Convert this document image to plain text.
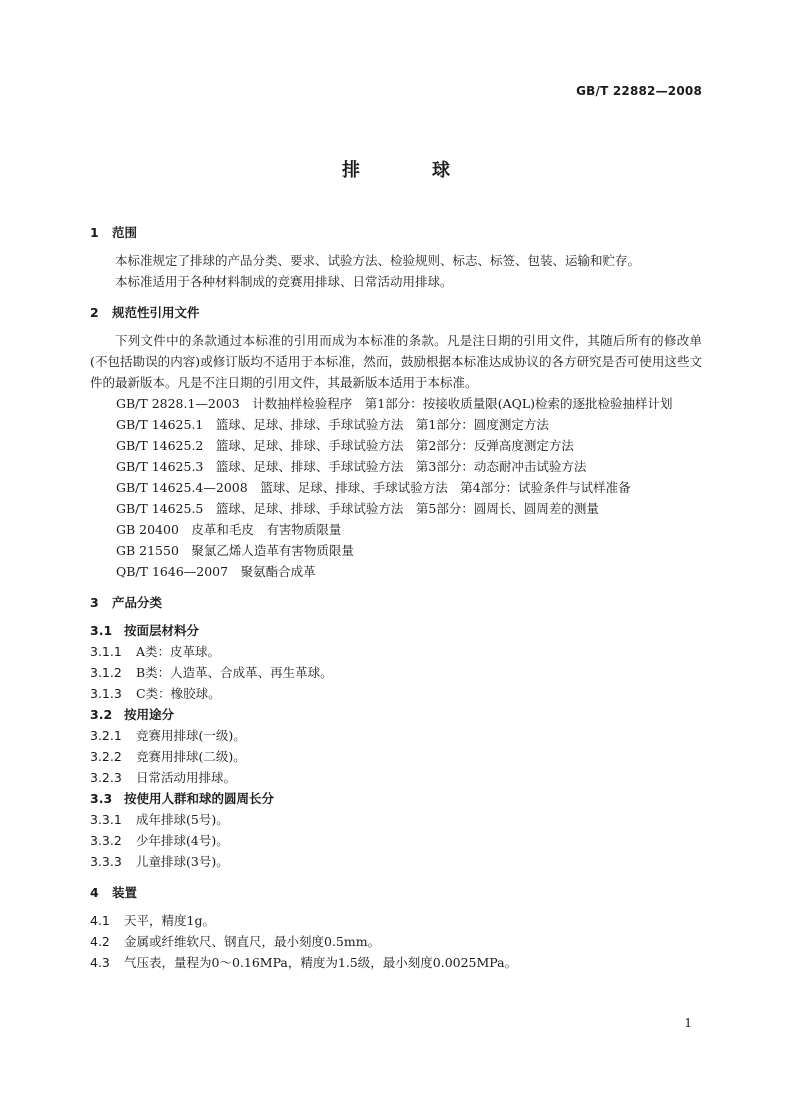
GB/T 22882—2008
排	球
1 范围
本标准规定了排球的产品分类、要求、试验方法、检验规则、标志、标签、包装、运输和贮存。
本标准适用于各种材料制成的竞赛用排球、日常活动用排球。
2 规范性引用文件
下列文件中的条款通过本标准的引用而成为本标准的条款。凡是注日期的引用文件，其随后所有的修改单(不包括勘误的内容)或修订版均不适用于本标准，然而，鼓励根据本标准达成协议的各方研究是否可使用这些文件的最新版本。凡是不注日期的引用文件，其最新版本适用于本标准。
GB/T 2828.1—2003　计数抽样检验程序　第1部分：按接收质量限(AQL)检索的逐批检验抽样计划
GB/T 14625.1　篮球、足球、排球、手球试验方法　第1部分：圆度测定方法
GB/T 14625.2　篮球、足球、排球、手球试验方法　第2部分：反弹高度测定方法
GB/T 14625.3　篮球、足球、排球、手球试验方法　第3部分：动态耐冲击试验方法
GB/T 14625.4—2008　篮球、足球、排球、手球试验方法　第4部分：试验条件与试样准备
GB/T 14625.5　篮球、足球、排球、手球试验方法　第5部分：圆周长、圆周差的测量
GB 20400　皮革和毛皮　有害物质限量
GB 21550　聚氯乙烯人造革有害物质限量
QB/T 1646—2007　聚氨酯合成革
3 产品分类
3.1 按面层材料分
3.1.1 A类：皮革球。
3.1.2 B类：人造革、合成革、再生革球。
3.1.3 C类：橡胶球。
3.2 按用途分
3.2.1 竞赛用排球(一级)。
3.2.2 竞赛用排球(二级)。
3.2.3 日常活动用排球。
3.3 按使用人群和球的圆周长分
3.3.1 成年排球(5号)。
3.3.2 少年排球(4号)。
3.3.3 儿童排球(3号)。
4 装置
4.1 天平，精度1g。
4.2 金属或纤维软尺、钢直尺，最小刻度0.5mm。
4.3 气压表，量程为0～0.16MPa，精度为1.5级，最小刻度0.0025MPa。
1
